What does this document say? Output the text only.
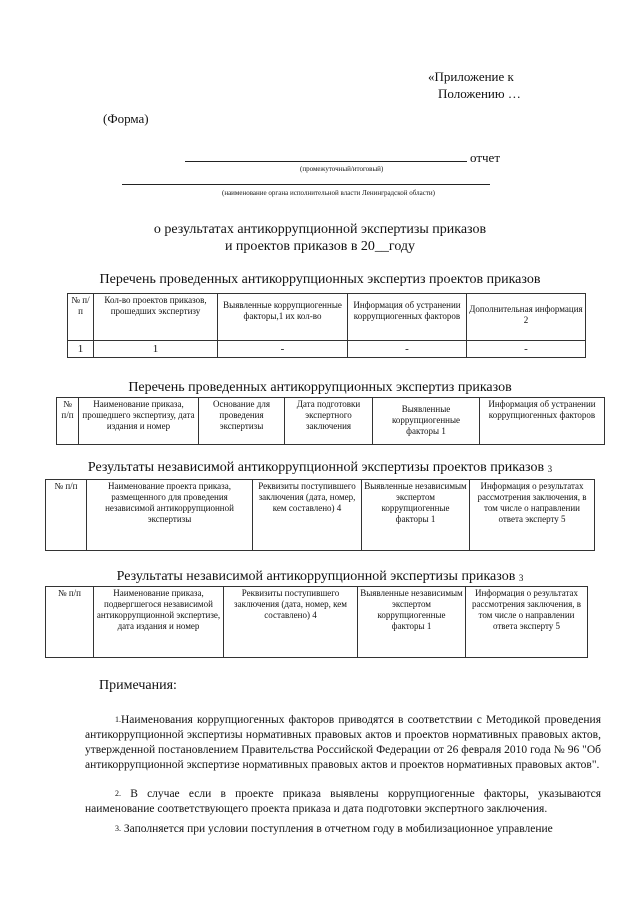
«Приложение к
Положению …
(Форма)
отчет
(промежуточный/итоговый)
(наименование органа исполнительной власти Ленинградской области)
о результатах антикоррупционной экспертизы приказов
и проектов приказов в 20__году
Перечень проведенных антикоррупционных экспертиз проектов приказов
№ п/п	Кол-во проектов приказов, прошедших экспертизу	Выявленные коррупциогенные факторы,1 их кол-во	Информация об устранении коррупциогенных факторов	Дополнительная информация 2
1	1	-	-	-
Перечень проведенных антикоррупционных экспертиз приказов
№ п/п	Наименование приказа, прошедшего экспертизу, дата издания и номер	Основание для проведения экспертизы	Дата подготовки экспертного заключения	Выявленные коррупциогенные факторы 1	Информация об устранении коррупциогенных факторов
Результаты независимой антикоррупционной экспертизы проектов приказов $^3$
№ п/п	Наименование проекта приказа, размещенного для проведения независимой антикоррупционной экспертизы	Реквизиты поступившего заключения (дата, номер, кем составлено) 4	Выявленные независимым экспертом коррупциогенные факторы 1	Информация о результатах рассмотрения заключения, в том числе о направлении ответа эксперту 5
Результаты независимой антикоррупционной экспертизы приказов $^3$
№ п/п	Наименование приказа, подвергшегося независимой антикоррупционной экспертизе, дата издания и номер	Реквизиты поступившего заключения (дата, номер, кем составлено) 4	Выявленные независимым экспертом коррупциогенные факторы 1	Информация о результатах рассмотрения заключения, в том числе о направлении ответа эксперту 5
Примечания:

1.Наименования коррупциогенных факторов приводятся в соответствии с Методикой проведения антикоррупционной экспертизы нормативных правовых актов и проектов нормативных правовых актов, утвержденной постановлением Правительства Российской Федерации от 26 февраля 2010 года № 96 "Об антикоррупционной экспертизе нормативных правовых актов и проектов нормативных правовых актов".

2. В случае если в проекте приказа выявлены коррупциогенные факторы, указываются наименование соответствующего проекта приказа и дата подготовки экспертного заключения.

3. Заполняется при условии поступления в отчетном году в мобилизационное управление
